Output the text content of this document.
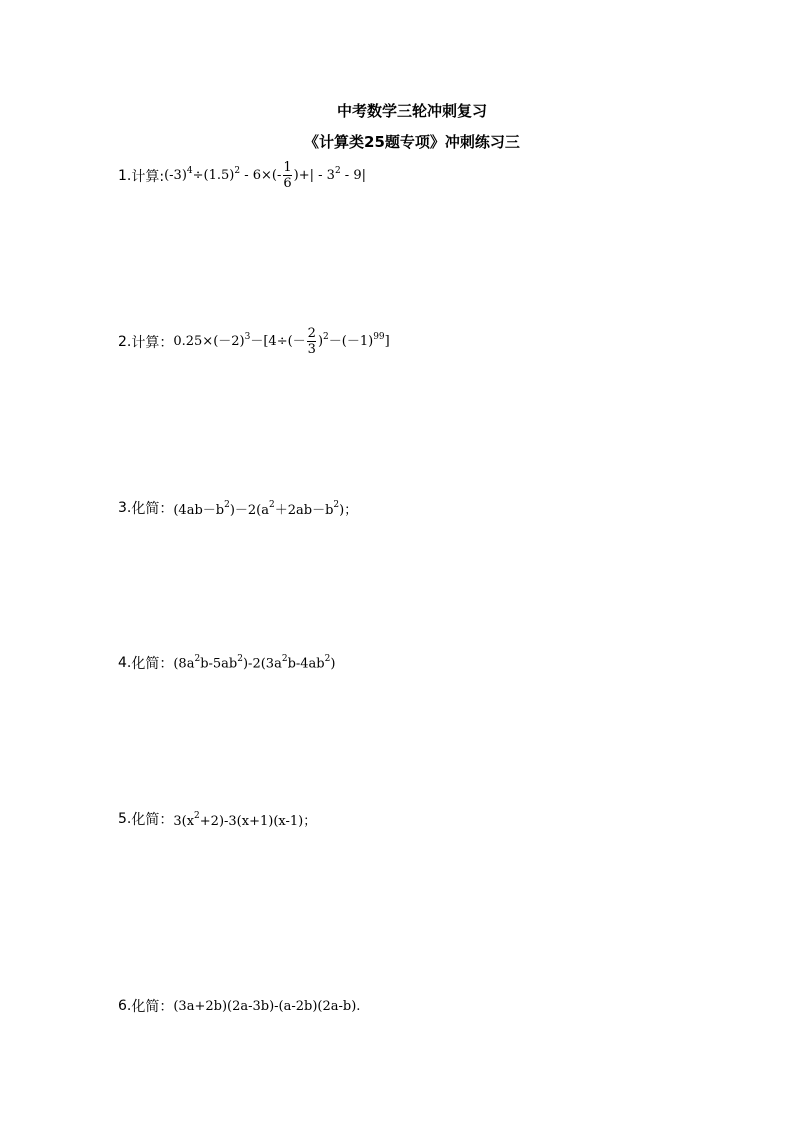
中考数学三轮冲刺复习
《计算类25题专项》冲刺练习三
1. 计算: $(-3)^4\div(1.5)^2 - 6\times(- \frac{1}{6}$ )+| - $3^2 - 9|$
2. 计算： $0.25\times(-2)^3-[4\div(- \frac{2}{3} )^2-(-1)^{99}]$
3. 化简： $(4ab-b^2)-2(a^2+2ab-b^2)$；
4. 化简： $(8a^2b-5ab^2)-2(3a^2b-4ab^2)$
5. 化简： $3(x^2+2)-3(x+1)(x-1)$；
6. 化简： (3a+2b)(2a-3b)-(a-2b)(2a-b).
